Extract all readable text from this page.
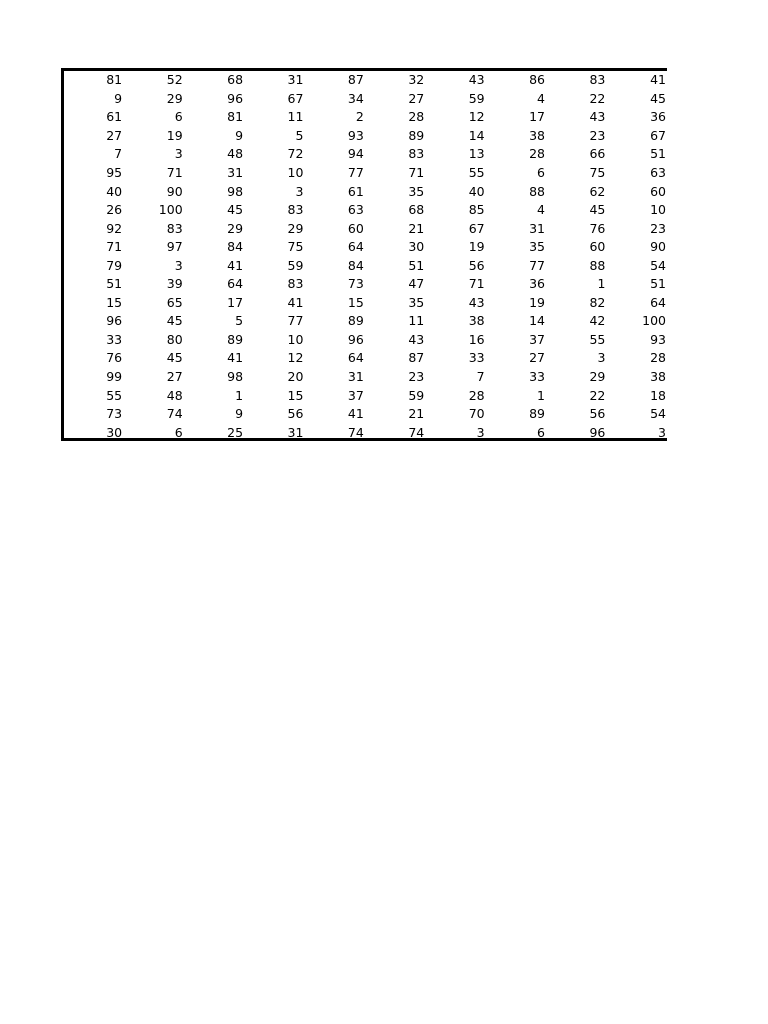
81	52	68	31	87	32	43	86	83	41
9	29	96	67	34	27	59	4	22	45
61	6	81	11	2	28	12	17	43	36
27	19	9	5	93	89	14	38	23	67
7	3	48	72	94	83	13	28	66	51
95	71	31	10	77	71	55	6	75	63
40	90	98	3	61	35	40	88	62	60
26	100	45	83	63	68	85	4	45	10
92	83	29	29	60	21	67	31	76	23
71	97	84	75	64	30	19	35	60	90
79	3	41	59	84	51	56	77	88	54
51	39	64	83	73	47	71	36	1	51
15	65	17	41	15	35	43	19	82	64
96	45	5	77	89	11	38	14	42	100
33	80	89	10	96	43	16	37	55	93
76	45	41	12	64	87	33	27	3	28
99	27	98	20	31	23	7	33	29	38
55	48	1	15	37	59	28	1	22	18
73	74	9	56	41	21	70	89	56	54
30	6	25	31	74	74	3	6	96	3
